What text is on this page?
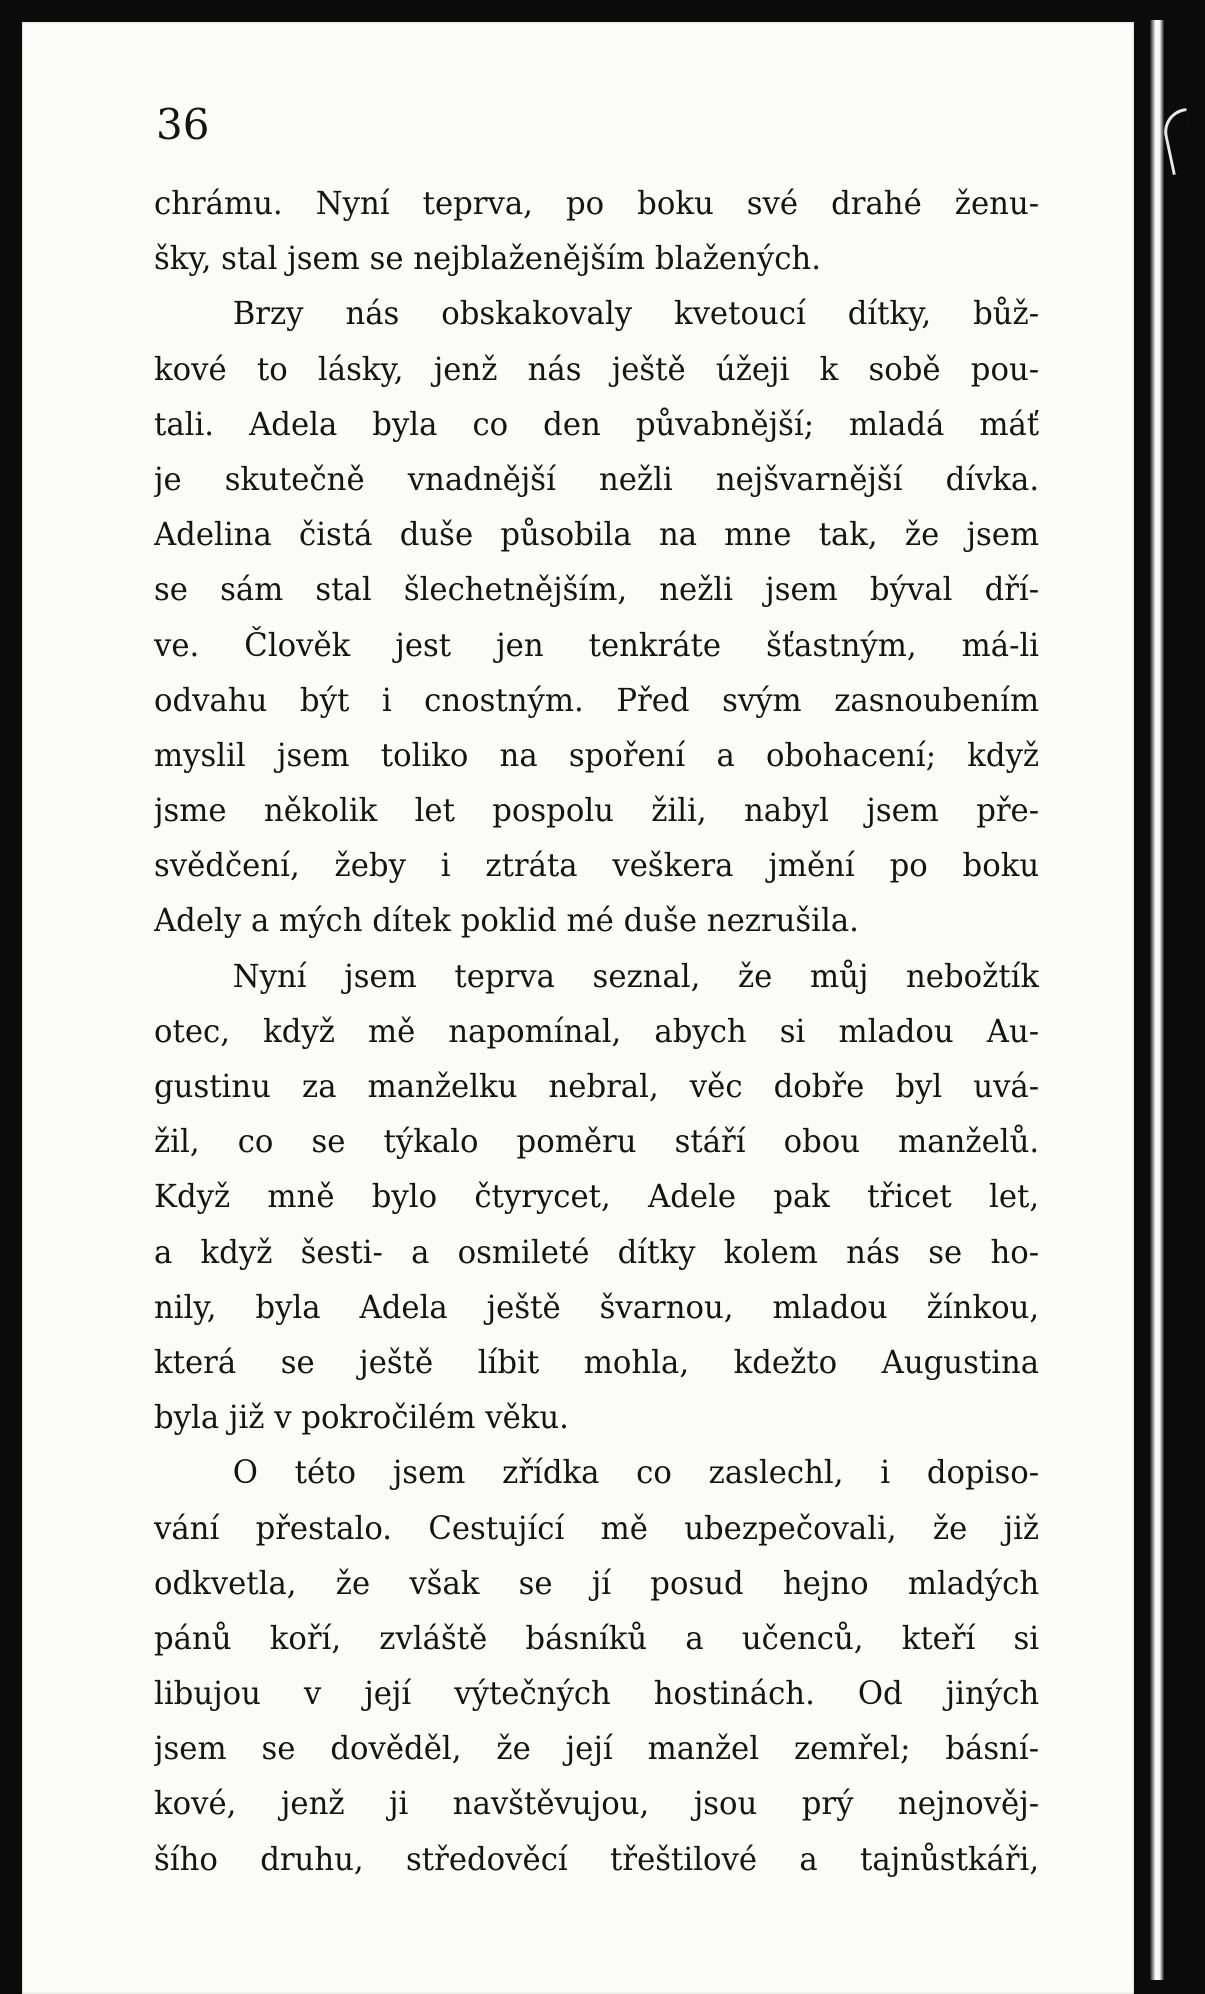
36
chrámu. Nyní teprva, po boku své drahé ženu-
šky, stal jsem se nejblaženějším blažených.
Brzy nás obskakovaly kvetoucí dítky, bůž-
kové to lásky, jenž nás ještě úžeji k sobě pou-
tali. Adela byla co den půvabnější; mladá máť
je skutečně vnadnější nežli nejšvarnější dívka.
Adelina čistá duše působila na mne tak, že jsem
se sám stal šlechetnějším, nežli jsem býval dří-
ve. Člověk jest jen tenkráte šťastným, má-li
odvahu být i cnostným. Před svým zasnoubením
myslil jsem toliko na spoření a obohacení; když
jsme několik let pospolu žili, nabyl jsem pře-
svědčení, žeby i ztráta veškera jmění po boku
Adely a mých dítek poklid mé duše nezrušila.
Nyní jsem teprva seznal, že můj nebožtík
otec, když mě napomínal, abych si mladou Au-
gustinu za manželku nebral, věc dobře byl uvá-
žil, co se týkalo poměru stáří obou manželů.
Když mně bylo čtyrycet, Adele pak třicet let,
a když šesti- a osmileté dítky kolem nás se ho-
nily, byla Adela ještě švarnou, mladou žínkou,
která se ještě líbit mohla, kdežto Augustina
byla již v pokročilém věku.
O této jsem zřídka co zaslechl, i dopiso-
vání přestalo. Cestující mě ubezpečovali, že již
odkvetla, že však se jí posud hejno mladých
pánů koří, zvláště básníků a učenců, kteří si
libujou v její výtečných hostinách. Od jiných
jsem se dověděl, že její manžel zemřel; básní-
kové, jenž ji navštěvujou, jsou prý nejnověj-
šího druhu, středověcí třeštilové a tajnůstkáři,
